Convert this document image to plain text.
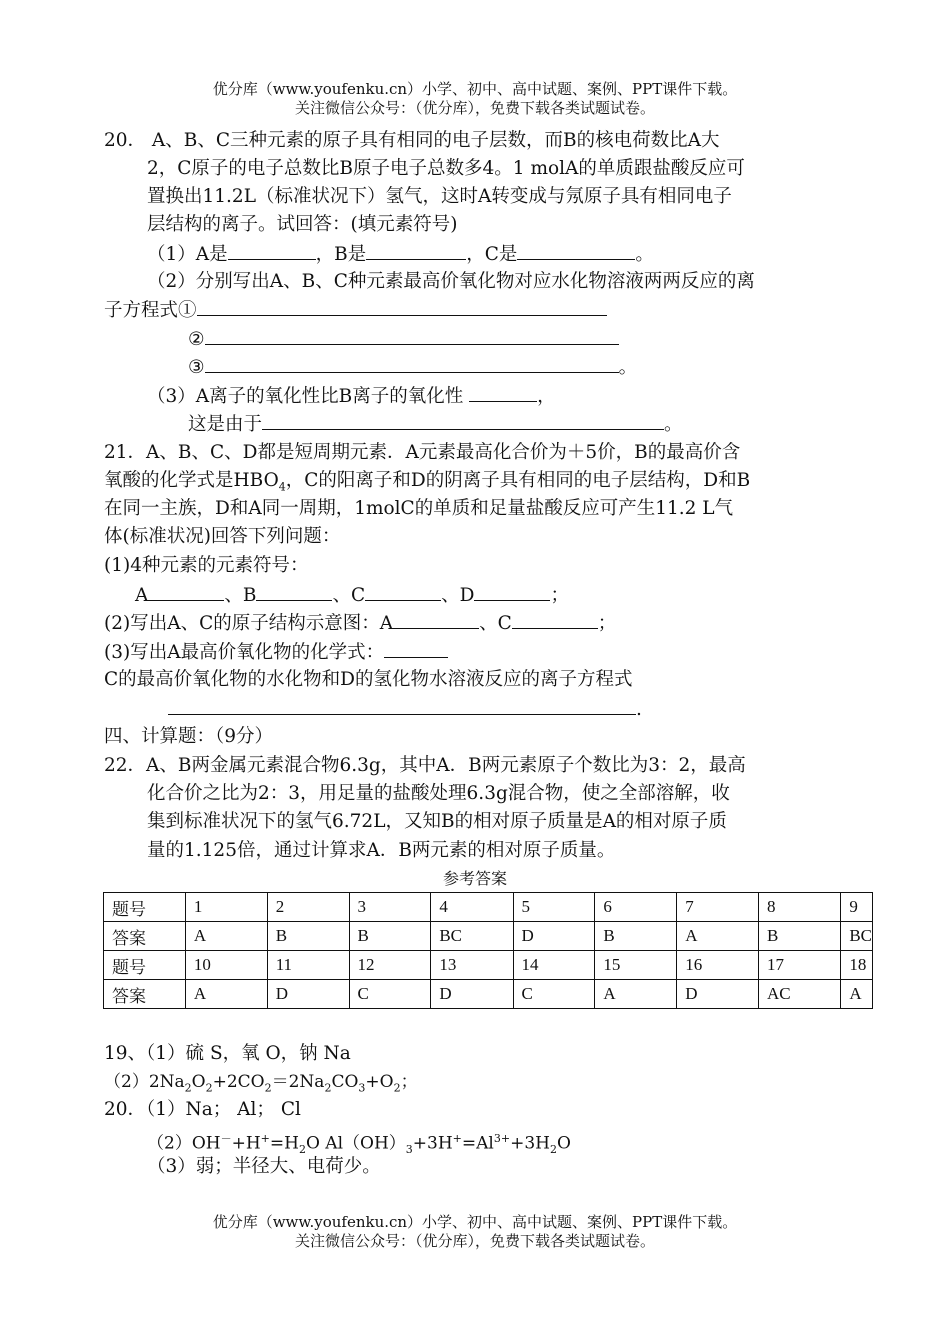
优分库（www.youfenku.cn）小学、初中、高中试题、案例、PPT课件下载。
关注微信公众号：（优分库），免费下载各类试题试卷。
20． A、B、C三种元素的原子具有相同的电子层数，而B的核电荷数比A大
2，C原子的电子总数比B原子电子总数多4。1 molA的单质跟盐酸反应可
置换出11.2L（标准状况下）氢气，这时A转变成与氖原子具有相同电子
层结构的离子。试回答：(填元素符号)
（1）A是	，B是	，C是	。
（2）分别写出A、B、C种元素最高价氧化物对应水化物溶液两两反应的离
子方程式①
②
③	。
（3）A离子的氧化性比B离子的氧化性	，
这是由于	。
21．A、B、C、D都是短周期元素．A元素最高化合价为＋5价，B的最高价含
氧酸的化学式是$HBO_4$，C的阳离子和D的阴离子具有相同的电子层结构，D和B
在同一主族，D和A同一周期，1molC的单质和足量盐酸反应可产生11.2 L气
体(标准状况)回答下列问题：
(1)4种元素的元素符号：
A	、B	、C	、D	；
(2)写出A、C的原子结构示意图：A	、C	；
(3)写出A最高价氧化物的化学式：
C的最高价氧化物的水化物和D的氢化物水溶液反应的离子方程式
.
四、计算题：（9分）
22．A、B两金属元素混合物6.3g，其中A．B两元素原子个数比为3：2，最高
化合价之比为2：3，用足量的盐酸处理6.3g混合物，使之全部溶解，收
集到标准状况下的氢气6.72L，又知B的相对原子质量是A的相对原子质
量的1.125倍，通过计算求A．B两元素的相对原子质量。
参考答案
题号	1	2	3	4	5	6	7	8	9
答案	A	B	B	BC	D	B	A	B	BC
题号	10	11	12	13	14	15	16	17	18
答案	A	D	C	D	C	A	D	AC	A
19、（1）硫 S，氧 O，钠 Na
$(2)2Na_2O_2+2CO_2=2Na_2CO_3+O_2$；
20．（1）Na； Al； Cl
$(2)OH^-+H^+=H_2O$ $Al(OH)_3+3H^+=Al^{3+}+3H_2O$
（3）弱；半径大、电荷少。
优分库（www.youfenku.cn）小学、初中、高中试题、案例、PPT课件下载。
关注微信公众号：（优分库），免费下载各类试题试卷。
